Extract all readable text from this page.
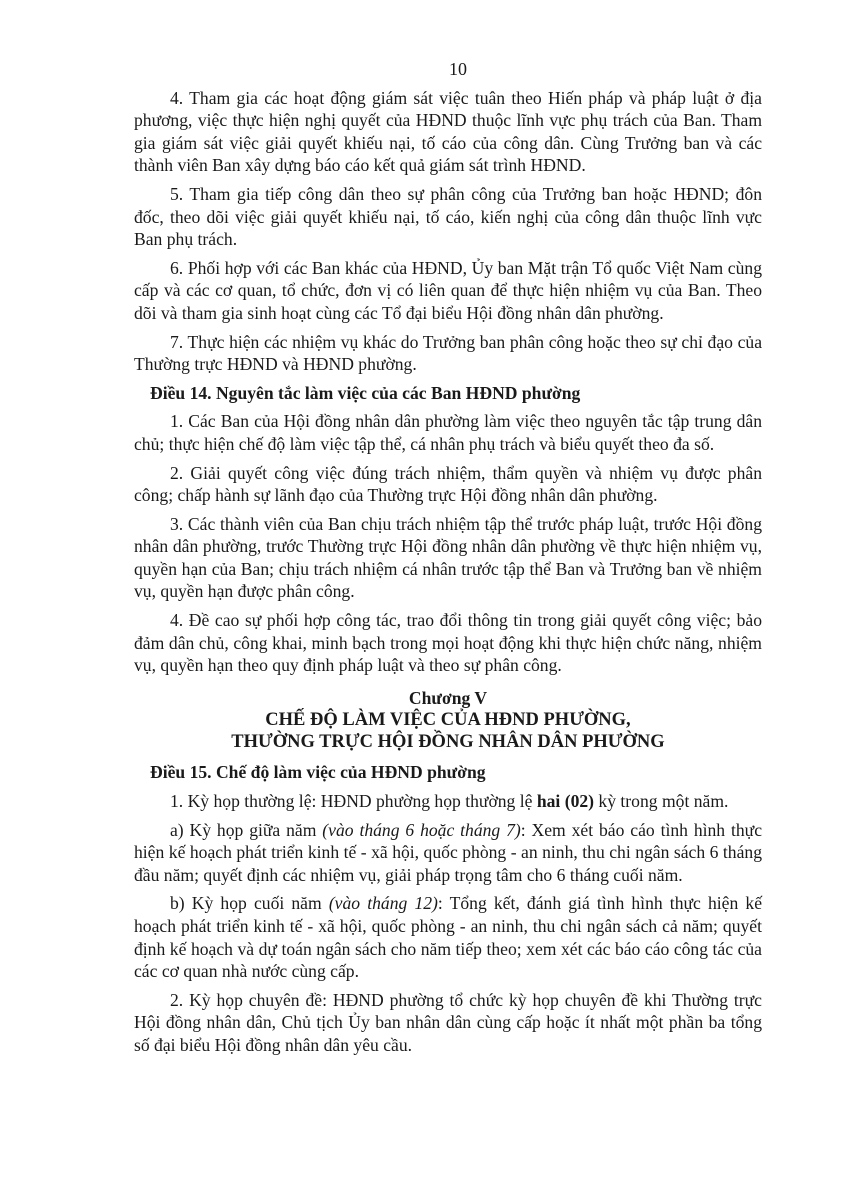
10

4. Tham gia các hoạt động giám sát việc tuân theo Hiến pháp và pháp luật ở địa phương, việc thực hiện nghị quyết của HĐND thuộc lĩnh vực phụ trách của Ban. Tham gia giám sát việc giải quyết khiếu nại, tố cáo của công dân. Cùng Trưởng ban và các thành viên Ban xây dựng báo cáo kết quả giám sát trình HĐND.

5. Tham gia tiếp công dân theo sự phân công của Trưởng ban hoặc HĐND; đôn đốc, theo dõi việc giải quyết khiếu nại, tố cáo, kiến nghị của công dân thuộc lĩnh vực Ban phụ trách.

6. Phối hợp với các Ban khác của HĐND, Ủy ban Mặt trận Tổ quốc Việt Nam cùng cấp và các cơ quan, tổ chức, đơn vị có liên quan để thực hiện nhiệm vụ của Ban. Theo dõi và tham gia sinh hoạt cùng các Tổ đại biểu Hội đồng nhân dân phường.

7. Thực hiện các nhiệm vụ khác do Trưởng ban phân công hoặc theo sự chỉ đạo của Thường trực HĐND và HĐND phường.

Điều 14. Nguyên tắc làm việc của các Ban HĐND phường

1. Các Ban của Hội đồng nhân dân phường làm việc theo nguyên tắc tập trung dân chủ; thực hiện chế độ làm việc tập thể, cá nhân phụ trách và biểu quyết theo đa số.

2. Giải quyết công việc đúng trách nhiệm, thẩm quyền và nhiệm vụ được phân công; chấp hành sự lãnh đạo của Thường trực Hội đồng nhân dân phường.

3. Các thành viên của Ban chịu trách nhiệm tập thể trước pháp luật, trước Hội đồng nhân dân phường, trước Thường trực Hội đồng nhân dân phường về thực hiện nhiệm vụ, quyền hạn của Ban; chịu trách nhiệm cá nhân trước tập thể Ban và Trưởng ban về nhiệm vụ, quyền hạn được phân công.

4. Đề cao sự phối hợp công tác, trao đổi thông tin trong giải quyết công việc; bảo đảm dân chủ, công khai, minh bạch trong mọi hoạt động khi thực hiện chức năng, nhiệm vụ, quyền hạn theo quy định pháp luật và theo sự phân công.

Chương V
CHẾ ĐỘ LÀM VIỆC CỦA HĐND PHƯỜNG,
THƯỜNG TRỰC HỘI ĐỒNG NHÂN DÂN PHƯỜNG

Điều 15. Chế độ làm việc của HĐND phường

1. Kỳ họp thường lệ: HĐND phường họp thường lệ hai (02) kỳ trong một năm.

a) Kỳ họp giữa năm (vào tháng 6 hoặc tháng 7): Xem xét báo cáo tình hình thực hiện kế hoạch phát triển kinh tế - xã hội, quốc phòng - an ninh, thu chi ngân sách 6 tháng đầu năm; quyết định các nhiệm vụ, giải pháp trọng tâm cho 6 tháng cuối năm.

b) Kỳ họp cuối năm (vào tháng 12): Tổng kết, đánh giá tình hình thực hiện kế hoạch phát triển kinh tế - xã hội, quốc phòng - an ninh, thu chi ngân sách cả năm; quyết định kế hoạch và dự toán ngân sách cho năm tiếp theo; xem xét các báo cáo công tác của các cơ quan nhà nước cùng cấp.

2. Kỳ họp chuyên đề: HĐND phường tổ chức kỳ họp chuyên đề khi Thường trực Hội đồng nhân dân, Chủ tịch Ủy ban nhân dân cùng cấp hoặc ít nhất một phần ba tổng số đại biểu Hội đồng nhân dân yêu cầu.
